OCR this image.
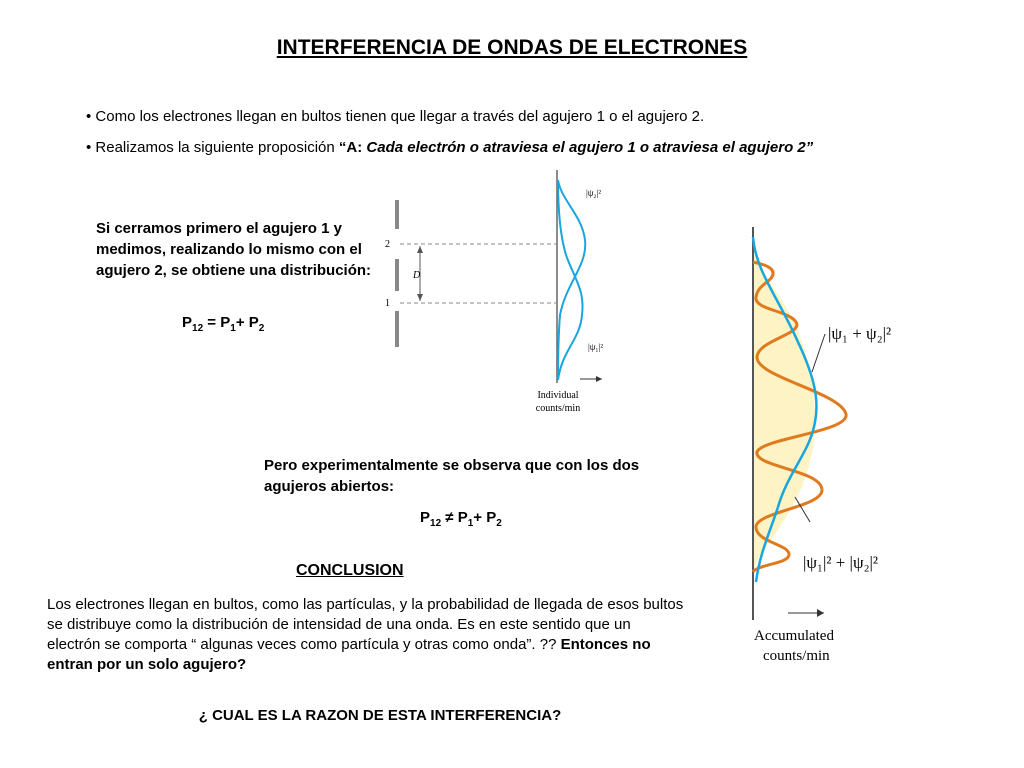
INTERFERENCIA DE ONDAS DE ELECTRONES
• Como los electrones llegan en bultos tienen que llegar a través del agujero 1 o el agujero 2.
• Realizamos la siguiente proposición “A: Cada electrón o atraviesa el agujero 1 o atraviesa el agujero 2”
Si cerramos primero el agujero 1 y medimos, realizando lo mismo con el agujero 2, se obtiene una distribución:
$P_{12} = P_1+ P_2$
Pero experimentalmente se observa que con los dos agujeros abiertos:
$P_{12} \ne P_1+ P_2$
CONCLUSION
Los electrones llegan en bultos, como las partículas, y la probabilidad de llegada de esos bultos se distribuye como la distribución de intensidad de una onda. Es en este sentido que un electrón se comporta “ algunas veces como partícula y otras como onda”. ?? Entonces no entran por un solo agujero?
¿ CUAL ES LA RAZON DE ESTA INTERFERENCIA?
2
1
D
|ψ₂|²
|ψ₁|²
Individual
counts/min
|ψ₁ + ψ₂|²
|ψ₁|² + |ψ₂|²
Accumulated
counts/min
